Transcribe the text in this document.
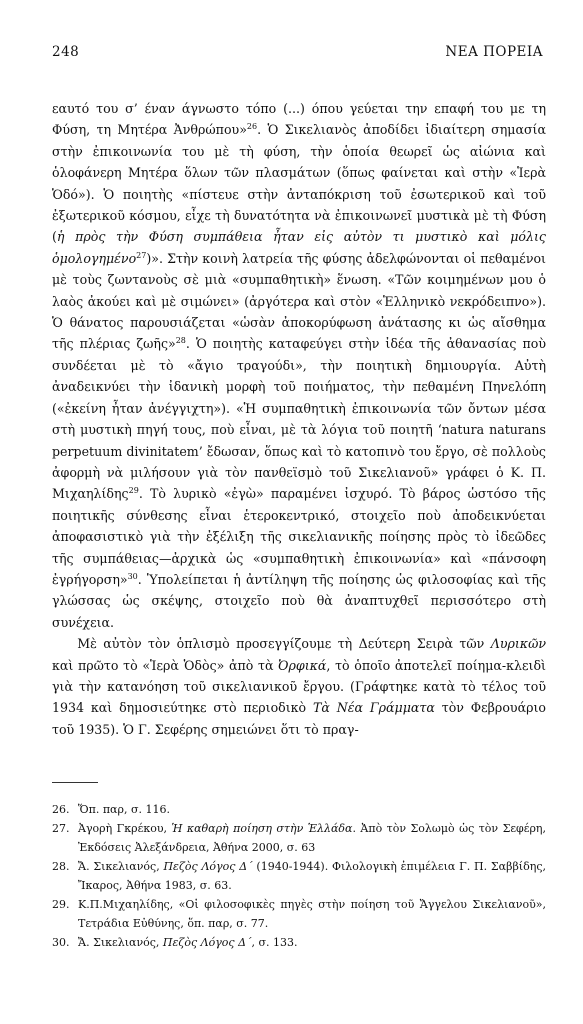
248	ΝΕΑ ΠΟΡΕΙΑ

εαυτό του σ’ έναν άγνωστο τόπο (...) όπου γεύεται την επαφή του με τη Φύση, τη Μητέρα Ἀνθρώπου»$^{26}$. Ὁ Σικελιανὸς ἀποδίδει ἰδιαίτερη σημασία στὴν ἐπικοινωνία του μὲ τὴ φύση, τὴν ὁποία θεωρεῖ ὡς αἰώνια καὶ ὁλοφάνερη Μητέρα ὅλων τῶν πλασμάτων (ὅπως φαίνεται καὶ στὴν «Ἱερὰ Ὁδό»). Ὁ ποιητὴς «πίστευε στὴν ἀνταπόκριση τοῦ ἐσωτερικοῦ καὶ τοῦ ἐξωτερικοῦ κόσμου, εἶχε τὴ δυνατότητα νὰ ἐπικοινωνεῖ μυστικὰ μὲ τὴ Φύση (ἡ πρὸς τὴν Φύση συμπάθεια ἦταν εἰς αὐτὸν τι μυστικὸ καὶ μόλις ὁμολογημένο$^{27}$)». Στὴν κοινὴ λατρεία τῆς φύσης ἀδελφώνονται οἱ πεθαμένοι μὲ τοὺς ζωντανοὺς σὲ μιὰ «συμπαθητικὴ» ἕνωση. «Τῶν κοιμημένων μου ὁ λαὸς ἀκούει καὶ μὲ σιμώνει» (ἀργότερα καὶ στὸν «Ἑλληνικὸ νεκρόδειπνο»). Ὁ θάνατος παρουσιάζεται «ὡσὰν ἀποκορύφωση ἀνάτασης κι ὡς αἴσθημα τῆς πλέριας ζωῆς»$^{28}$. Ὁ ποιητὴς καταφεύγει στὴν ἰδέα τῆς ἀθανασίας ποὺ συνδέεται μὲ τὸ «ἄγιο τραγούδι», τὴν ποιητικὴ δημιουργία. Αὐτὴ ἀναδεικνύει τὴν ἰδανικὴ μορφὴ τοῦ ποιήματος, τὴν πεθαμένη Πηνελόπη («ἐκείνη ἦταν ἀνέγγιχτη»). «Ἡ συμπαθητικὴ ἐπικοινωνία τῶν ὄντων μέσα στὴ μυστικὴ πηγή τους, ποὺ εἶναι, μὲ τὰ λόγια τοῦ ποιητῆ ‘natura naturans perpetuum divinitatem’ ἔδωσαν, ὅπως καὶ τὸ κατοπινὸ του ἔργο, σὲ πολλοὺς ἀφορμὴ νὰ μιλήσουν γιὰ τὸν πανθεϊσμὸ τοῦ Σικελιανοῦ» γράφει ὁ Κ. Π. Μιχαηλίδης$^{29}$. Τὸ λυρικὸ «ἐγὼ» παραμένει ἰσχυρό. Τὸ βάρος ὡστόσο τῆς ποιητικῆς σύνθεσης εἶναι ἑτεροκεντρικό, στοιχεῖο ποὺ ἀποδεικνύεται ἀποφασιστικὸ γιὰ τὴν ἐξέλιξη τῆς σικελιανικῆς ποίησης πρὸς τὸ ἰδεῶδες τῆς συμπάθειας—ἀρχικὰ ὡς «συμπαθητικὴ ἐπικοινωνία» καὶ «πάνσοφη ἐγρήγορση»$^{30}$. Ὑπολείπεται ἡ ἀντίληψη τῆς ποίησης ὡς φιλοσοφίας καὶ τῆς γλώσσας ὡς σκέψης, στοιχεῖο ποὺ θὰ ἀναπτυχθεῖ περισσότερο στὴ συνέχεια.

Μὲ αὐτὸν τὸν ὁπλισμὸ προσεγγίζουμε τὴ Δεύτερη Σειρὰ τῶν Λυρικῶν καὶ πρῶτο τὸ «Ἱερὰ Ὁδὸς» ἀπὸ τὰ Ὀρφικά, τὸ ὁποῖο ἀποτελεῖ ποίημα-κλειδὶ γιὰ τὴν κατανόηση τοῦ σικελιανικοῦ ἔργου. (Γράφτηκε κατὰ τὸ τέλος τοῦ 1934 καὶ δημοσιεύτηκε στὸ περιοδικὸ Τὰ Νέα Γράμματα τὸν Φεβρουάριο τοῦ 1935). Ὁ Γ. Σεφέρης σημειώνει ὅτι τὸ πραγ-

26. Ὅπ. παρ, σ. 116.
27. Ἀγορὴ Γκρέκου, Ἡ καθαρὴ ποίηση στὴν Ἑλλάδα. Ἀπὸ τὸν Σολωμὸ ὡς τὸν Σεφέρη, Ἐκδόσεις Ἀλεξάνδρεια, Ἀθήνα 2000, σ. 63
28. Ἄ. Σικελιανός, Πεζὸς Λόγος Δ΄ (1940-1944). Φιλολογικὴ ἐπιμέλεια Γ. Π. Σαββίδης, Ἴκαρος, Ἀθήνα 1983, σ. 63.
29. Κ.Π.Μιχαηλίδης, «Οἱ φιλοσοφικὲς πηγὲς στὴν ποίηση τοῦ Ἄγγελου Σικελιανοῦ», Τετράδια Εὐθύνης, ὅπ. παρ, σ. 77.
30. Ἄ. Σικελιανός, Πεζὸς Λόγος Δ΄, σ. 133.
